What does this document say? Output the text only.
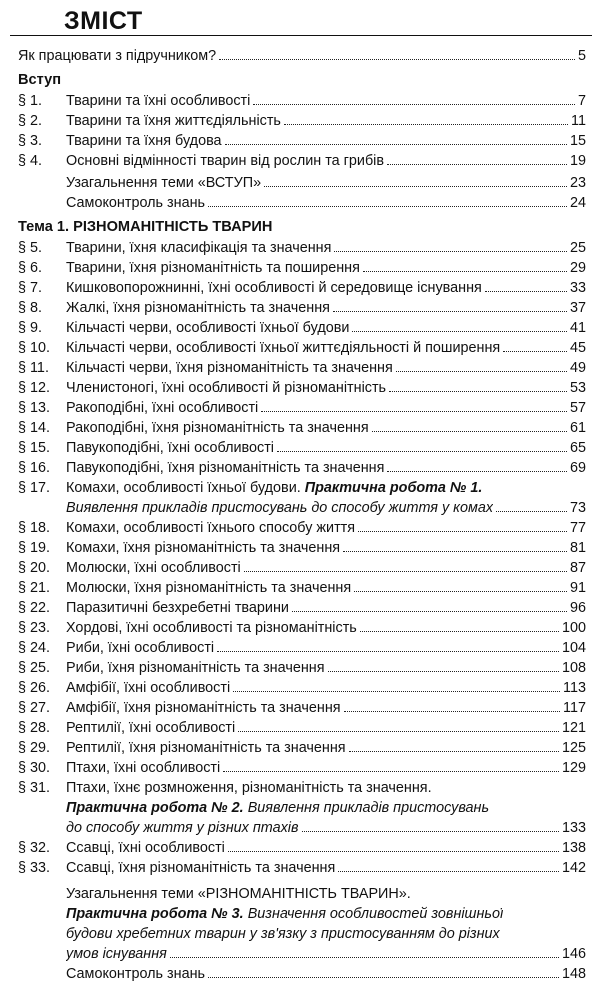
ЗМІСТ
Як працювати з підручником?	5
Вступ
§ 1.	Тварини та їхні особливості	7
§ 2.	Тварини та їхня життєдіяльність	11
§ 3.	Тварини та їхня будова	15
§ 4.	Основні відмінності тварин від рослин та грибів	19
Узагальнення теми «ВСТУП»	23
Самоконтроль знань	24
Тема 1. РІЗНОМАНІТНІСТЬ ТВАРИН
§ 5.	Тварини, їхня класифікація та значення	25
§ 6.	Тварини, їхня різноманітність та поширення	29
§ 7.	Кишковопорожнинні, їхні особливості й середовище існування	33
§ 8.	Жалкі, їхня різноманітність та значення	37
§ 9.	Кільчасті черви, особливості їхньої будови	41
§ 10.	Кільчасті черви, особливості їхньої життєдіяльності й поширення	45
§ 11.	Кільчасті черви, їхня різноманітність та значення	49
§ 12.	Членистоногі, їхні особливості й різноманітність	53
§ 13.	Ракоподібні, їхні особливості	57
§ 14.	Ракоподібні, їхня різноманітність та значення	61
§ 15.	Павукоподібні, їхні особливості	65
§ 16.	Павукоподібні, їхня різноманітність та значення	69
§ 17.	Комахи, особливості їхньої будови. Практична робота № 1.
Виявлення прикладів пристосувань до способу життя у комах	73
§ 18.	Комахи, особливості їхнього способу життя	77
§ 19.	Комахи, їхня різноманітність та значення	81
§ 20.	Молюски, їхні особливості	87
§ 21.	Молюски, їхня різноманітність та значення	91
§ 22.	Паразитичні безхребетні тварини	96
§ 23.	Хордові, їхні особливості та різноманітність	100
§ 24.	Риби, їхні особливості	104
§ 25.	Риби, їхня різноманітність та значення	108
§ 26.	Амфібії, їхні особливості	113
§ 27.	Амфібії, їхня різноманітність та значення	117
§ 28.	Рептилії, їхні особливості	121
§ 29.	Рептилії, їхня різноманітність та значення	125
§ 30.	Птахи, їхні особливості	129
§ 31.	Птахи, їхнє розмноження, різноманітність та значення.
Практична робота № 2. Виявлення прикладів пристосувань
до способу життя у різних птахів	133
§ 32.	Ссавці, їхні особливості	138
§ 33.	Ссавці, їхня різноманітність та значення	142
Узагальнення теми «РІЗНОМАНІТНІСТЬ ТВАРИН».
Практична робота № 3. Визначення особливостей зовнішньої
будови хребетних тварин у зв'язку з пристосуванням до різних
умов існування	146
Самоконтроль знань	148
